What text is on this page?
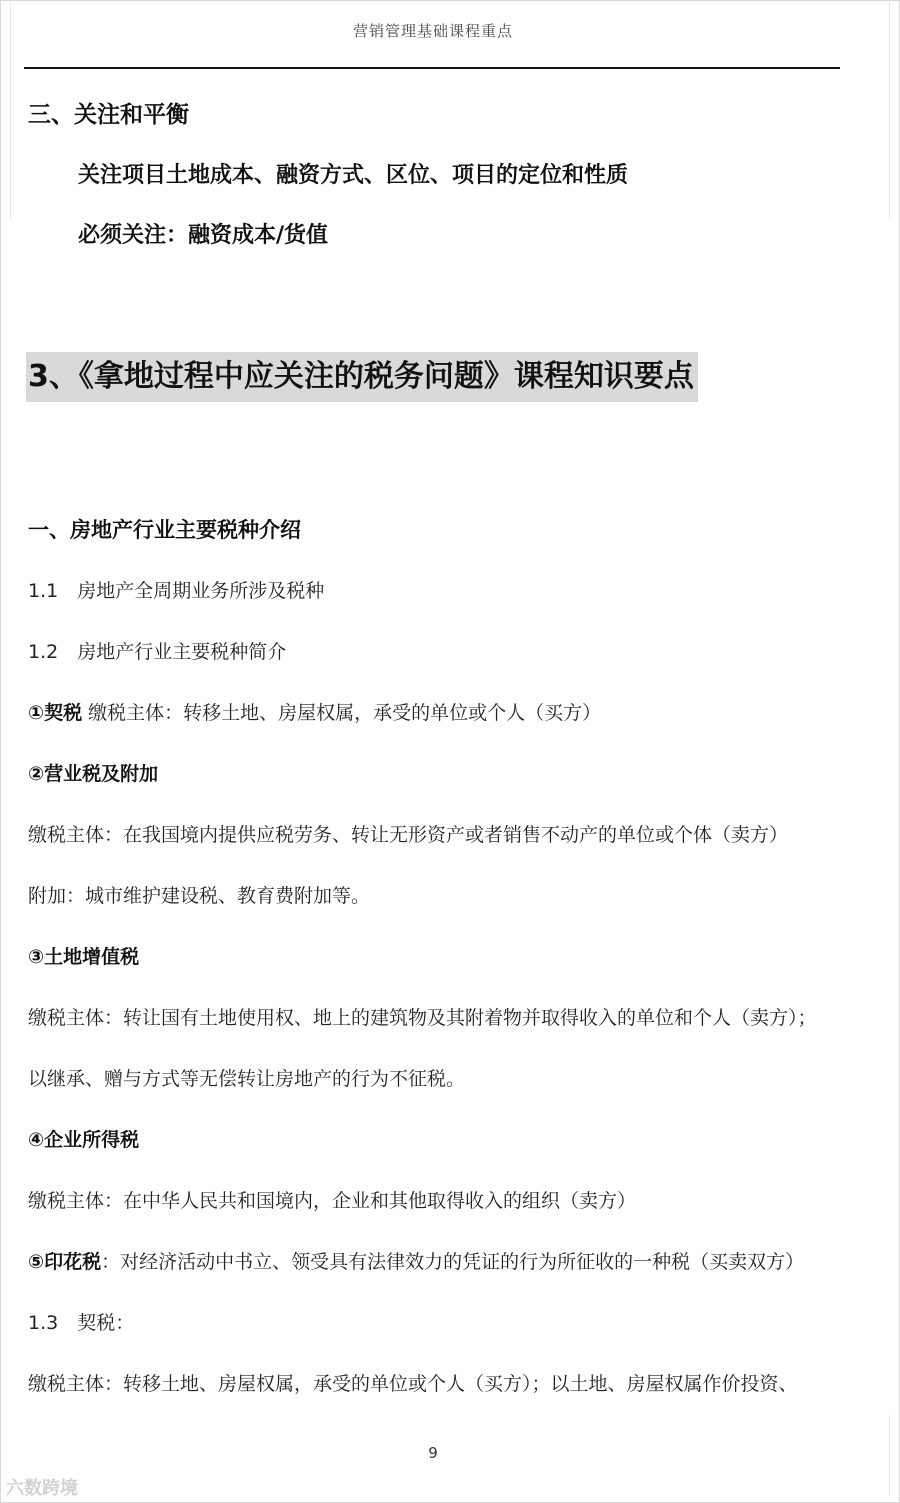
营销管理基础课程重点
三、关注和平衡
关注项目土地成本、融资方式、区位、项目的定位和性质
必须关注：融资成本/货值
3、《拿地过程中应关注的税务问题》课程知识要点
一、房地产行业主要税种介绍
1.1　房地产全周期业务所涉及税种
1.2　房地产行业主要税种简介
①契税 缴税主体：转移土地、房屋权属，承受的单位或个人（买方）
②营业税及附加
缴税主体：在我国境内提供应税劳务、转让无形资产或者销售不动产的单位或个体（卖方）
附加：城市维护建设税、教育费附加等。
③土地增值税
缴税主体：转让国有土地使用权、地上的建筑物及其附着物并取得收入的单位和个人（卖方）；
以继承、赠与方式等无偿转让房地产的行为不征税。
④企业所得税
缴税主体：在中华人民共和国境内，企业和其他取得收入的组织（卖方）
⑤印花税：对经济活动中书立、领受具有法律效力的凭证的行为所征收的一种税（买卖双方）
1.3　契税：
缴税主体：转移土地、房屋权属，承受的单位或个人（买方）；以土地、房屋权属作价投资、
9
六数跨境
